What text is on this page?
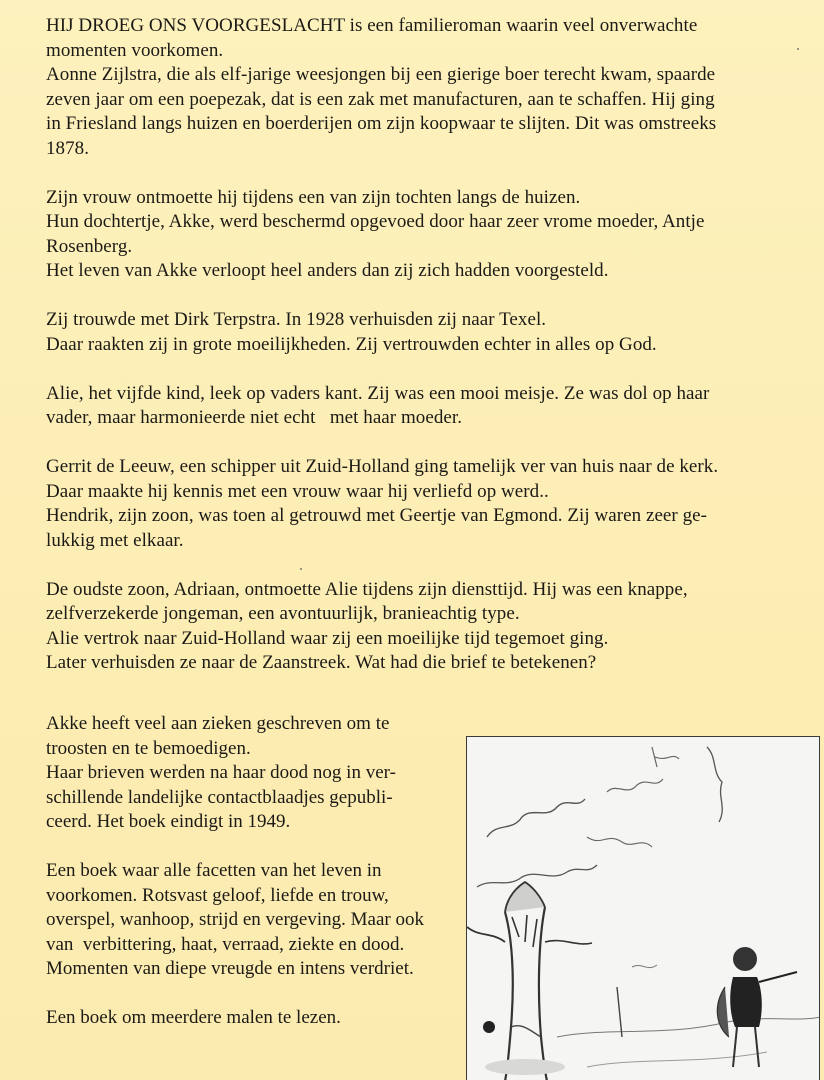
HIJ DROEG ONS VOORGESLACHT is een familieroman waarin veel onverwachte
momenten voorkomen.
Aonne Zijlstra, die als elf-jarige weesjongen bij een gierige boer terecht kwam, spaarde
zeven jaar om een poepezak, dat is een zak met manufacturen, aan te schaffen. Hij ging
in Friesland langs huizen en boerderijen om zijn koopwaar te slijten. Dit was omstreeks
1878.

Zijn vrouw ontmoette hij tijdens een van zijn tochten langs de huizen.
Hun dochtertje, Akke, werd beschermd opgevoed door haar zeer vrome moeder, Antje
Rosenberg.
Het leven van Akke verloopt heel anders dan zij zich hadden voorgesteld.

Zij trouwde met Dirk Terpstra. In 1928 verhuisden zij naar Texel.
Daar raakten zij in grote moeilijkheden. Zij vertrouwden echter in alles op God.

Alie, het vijfde kind, leek op vaders kant. Zij was een mooi meisje. Ze was dol op haar
vader, maar harmonieerde niet echt   met haar moeder.

Gerrit de Leeuw, een schipper uit Zuid-Holland ging tamelijk ver van huis naar de kerk.
Daar maakte hij kennis met een vrouw waar hij verliefd op werd..
Hendrik, zijn zoon, was toen al getrouwd met Geertje van Egmond. Zij waren zeer ge-
lukkig met elkaar.

De oudste zoon, Adriaan, ontmoette Alie tijdens zijn diensttijd. Hij was een knappe,
zelfverzekerde jongeman, een avontuurlijk, branieachtig type.
Alie vertrok naar Zuid-Holland waar zij een moeilijke tijd tegemoet ging.
Later verhuisden ze naar de Zaanstreek. Wat had die brief te betekenen?

Akke heeft veel aan zieken geschreven om te
troosten en te bemoedigen.
Haar brieven werden na haar dood nog in ver-
schillende landelijke contactblaadjes gepubli-
ceerd. Het boek eindigt in 1949.

Een boek waar alle facetten van het leven in
voorkomen. Rotsvast geloof, liefde en trouw,
overspel, wanhoop, strijd en vergeving. Maar ook
van  verbittering, haat, verraad, ziekte en dood.
Momenten van diepe vreugde en intens verdriet.

Een boek om meerdere malen te lezen.
